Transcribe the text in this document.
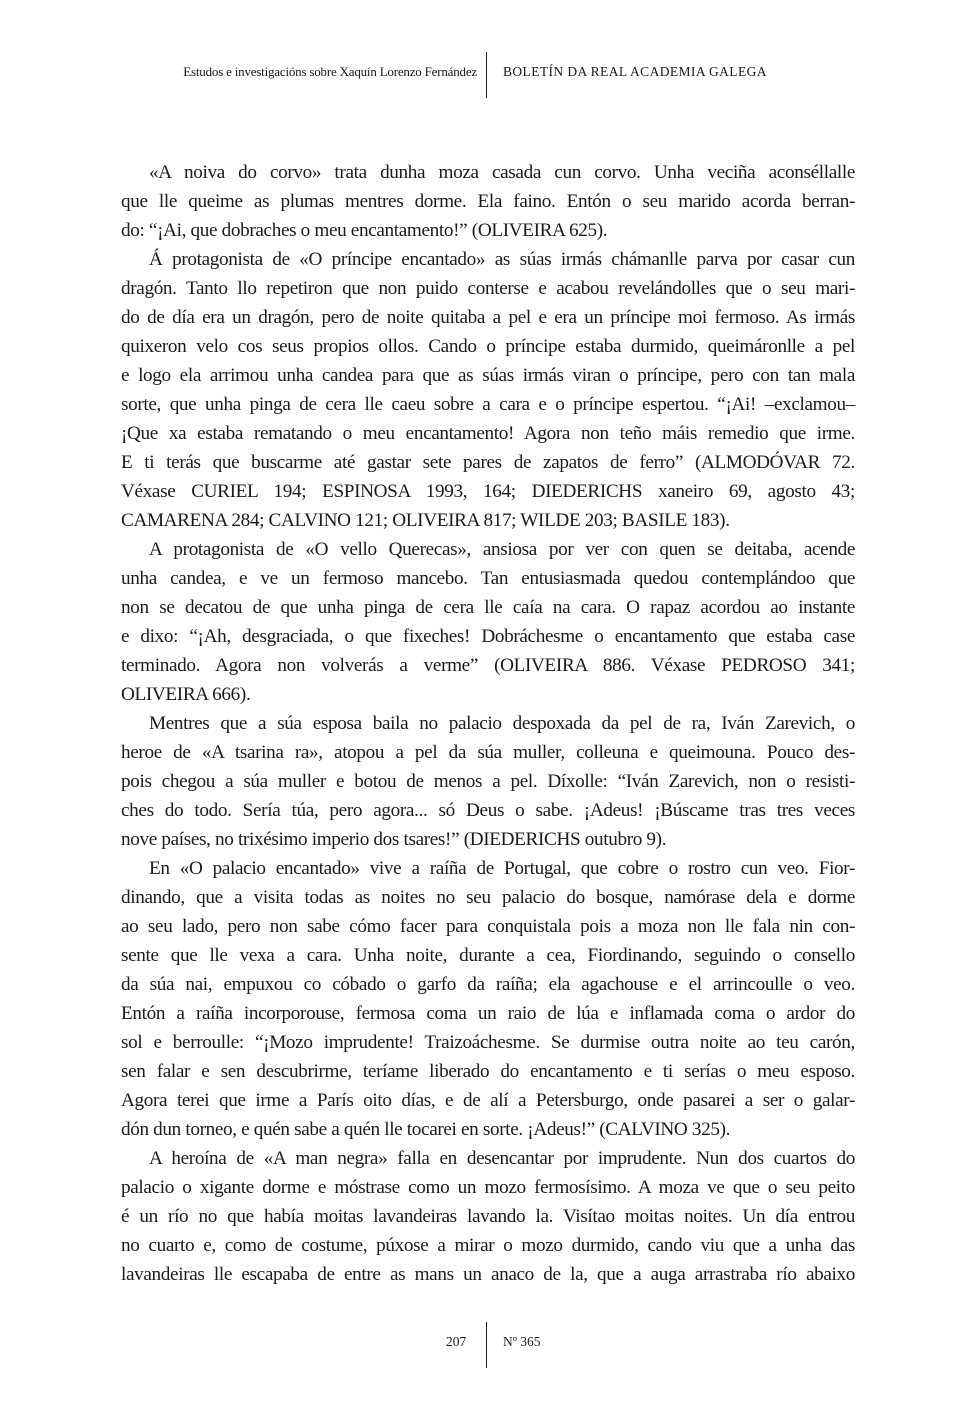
Estudos e investigacións sobre Xaquín Lorenzo Fernández BOLETÍN DA REAL ACADEMIA GALEGA
«A noiva do corvo» trata dunha moza casada cun corvo. Unha veciña aconséllalle
que lle queime as plumas mentres dorme. Ela faino. Entón o seu marido acorda berran-
do: “¡Ai, que dobraches o meu encantamento!” (OLIVEIRA 625).
Á protagonista de «O príncipe encantado» as súas irmás chámanlle parva por casar cun
dragón. Tanto llo repetiron que non puido conterse e acabou revelándolles que o seu mari-
do de día era un dragón, pero de noite quitaba a pel e era un príncipe moi fermoso. As irmás
quixeron velo cos seus propios ollos. Cando o príncipe estaba durmido, queimáronlle a pel
e logo ela arrimou unha candea para que as súas irmás viran o príncipe, pero con tan mala
sorte, que unha pinga de cera lle caeu sobre a cara e o príncipe espertou. “¡Ai! –exclamou–
¡Que xa estaba rematando o meu encantamento! Agora non teño máis remedio que irme.
E ti terás que buscarme até gastar sete pares de zapatos de ferro” (ALMODÓVAR 72.
Véxase CURIEL 194; ESPINOSA 1993, 164; DIEDERICHS xaneiro 69, agosto 43;
CAMARENA 284; CALVINO 121; OLIVEIRA 817; WILDE 203; BASILE 183).
A protagonista de «O vello Querecas», ansiosa por ver con quen se deitaba, acende
unha candea, e ve un fermoso mancebo. Tan entusiasmada quedou contemplándoo que
non se decatou de que unha pinga de cera lle caía na cara. O rapaz acordou ao instante
e dixo: “¡Ah, desgraciada, o que fixeches! Dobráchesme o encantamento que estaba case
terminado. Agora non volverás a verme” (OLIVEIRA 886. Véxase PEDROSO 341;
OLIVEIRA 666).
Mentres que a súa esposa baila no palacio despoxada da pel de ra, Iván Zarevich, o
heroe de «A tsarina ra», atopou a pel da súa muller, colleuna e queimouna. Pouco des-
pois chegou a súa muller e botou de menos a pel. Díxolle: “Iván Zarevich, non o resisti-
ches do todo. Sería túa, pero agora... só Deus o sabe. ¡Adeus! ¡Búscame tras tres veces
nove países, no trixésimo imperio dos tsares!” (DIEDERICHS outubro 9).
En «O palacio encantado» vive a raíña de Portugal, que cobre o rostro cun veo. Fior-
dinando, que a visita todas as noites no seu palacio do bosque, namórase dela e dorme
ao seu lado, pero non sabe cómo facer para conquistala pois a moza non lle fala nin con-
sente que lle vexa a cara. Unha noite, durante a cea, Fiordinando, seguindo o consello
da súa nai, empuxou co cóbado o garfo da raíña; ela agachouse e el arrincoulle o veo.
Entón a raíña incorporouse, fermosa coma un raio de lúa e inflamada coma o ardor do
sol e berroulle: “¡Mozo imprudente! Traizoáchesme. Se durmise outra noite ao teu carón,
sen falar e sen descubrirme, teríame liberado do encantamento e ti serías o meu esposo.
Agora terei que irme a París oito días, e de alí a Petersburgo, onde pasarei a ser o galar-
dón dun torneo, e quén sabe a quén lle tocarei en sorte. ¡Adeus!” (CALVINO 325).
A heroína de «A man negra» falla en desencantar por imprudente. Nun dos cuartos do
palacio o xigante dorme e móstrase como un mozo fermosísimo. A moza ve que o seu peito
é un río no que había moitas lavandeiras lavando la. Visítao moitas noites. Un día entrou
no cuarto e, como de costume, púxose a mirar o mozo durmido, cando viu que a unha das
lavandeiras lle escapaba de entre as mans un anaco de la, que a auga arrastraba río abaixo
207	Nº 365
